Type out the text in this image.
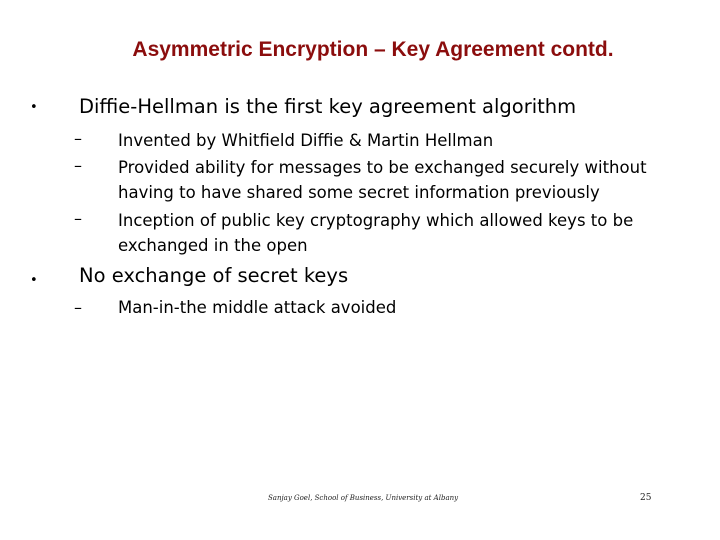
Asymmetric Encryption – Key Agreement contd.
• Diffie-Hellman is the first key agreement algorithm
– Invented by Whitfield Diffie & Martin Hellman
– Provided ability for messages to be exchanged securely without
having to have shared some secret information previously
– Inception of public key cryptography which allowed keys to be
exchanged in the open
• No exchange of secret keys
– Man-in-the middle attack avoided
Sanjay Goel, School of Business, University at Albany	25
